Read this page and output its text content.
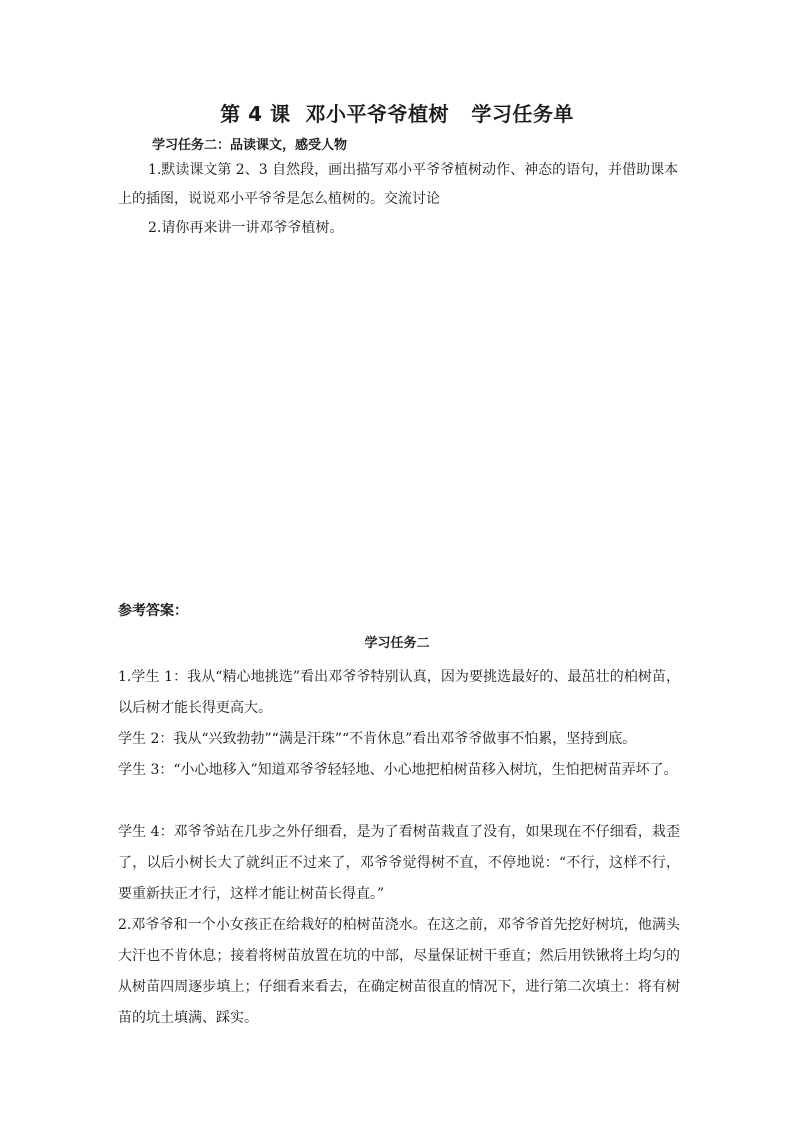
第 4 课  邓小平爷爷植树   学习任务单
学习任务二：品读课文，感受人物

1.默读课文第 2、3 自然段，画出描写邓小平爷爷植树动作、神态的语句，并借助课本上的插图，说说邓小平爷爷是怎么植树的。交流讨论

2.请你再来讲一讲邓爷爷植树。

参考答案：
学习任务二

1.学生 1：我从“精心地挑选”看出邓爷爷特别认真，因为要挑选最好的、最茁壮的柏树苗，以后树才能长得更高大。

学生 2：我从“兴致勃勃”“满是汗珠”“不肯休息”看出邓爷爷做事不怕累，坚持到底。

学生 3：“小心地移入”知道邓爷爷轻轻地、小心地把柏树苗移入树坑，生怕把树苗弄坏了。

学生 4：邓爷爷站在几步之外仔细看，是为了看树苗栽直了没有，如果现在不仔细看，栽歪了，以后小树长大了就纠正不过来了，邓爷爷觉得树不直，不停地说：“不行，这样不行，要重新扶正才行，这样才能让树苗长得直。”

2.邓爷爷和一个小女孩正在给栽好的柏树苗浇水。在这之前，邓爷爷首先挖好树坑，他满头大汗也不肯休息；接着将树苗放置在坑的中部，尽量保证树干垂直；然后用铁锹将土均匀的从树苗四周逐步填上；仔细看来看去，在确定树苗很直的情况下，进行第二次填土：将有树苗的坑土填满、踩实。
